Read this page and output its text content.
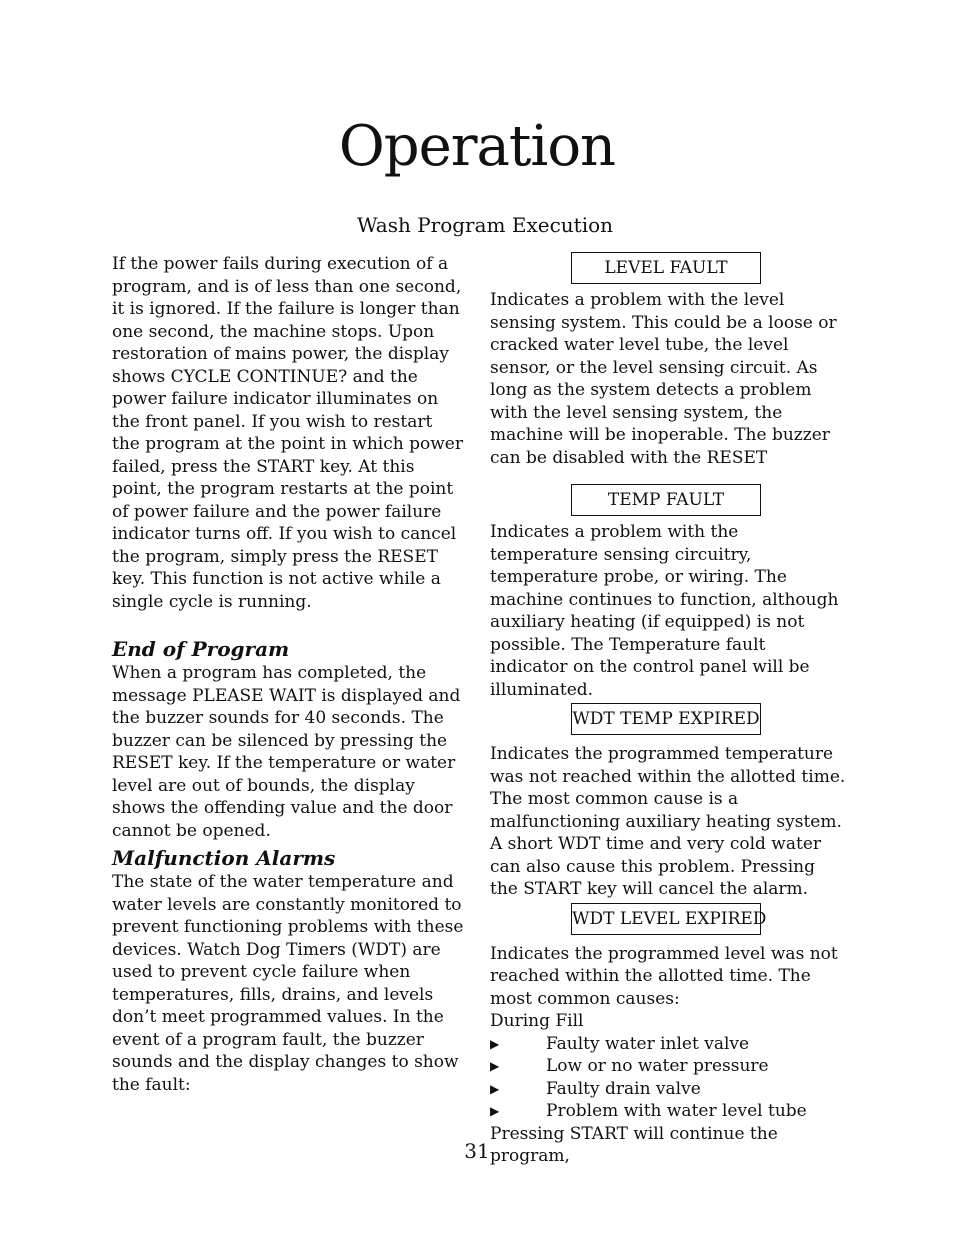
Operation
Wash Program Execution

If the power fails during execution of a program, and is of less than one second, it is ignored. If the failure is longer than one second, the machine stops. Upon restoration of mains power, the display shows CYCLE CONTINUE? and the power failure indicator illuminates on the front panel. If you wish to restart the program at the point in which power failed, press the START key. At this point, the program restarts at the point of power failure and the power failure indicator turns off. If you wish to cancel the program, simply press the RESET key. This function is not active while a single cycle is running.

End of Program

When a program has completed, the message PLEASE WAIT is displayed and the buzzer sounds for 40 seconds. The buzzer can be silenced by pressing the RESET key. If the temperature or water level are out of bounds, the display shows the offending value and the door cannot be opened.

Malfunction Alarms

The state of the water temperature and water levels are constantly monitored to prevent functioning problems with these devices. Watch Dog Timers (WDT) are used to prevent cycle failure when temperatures, fills, drains, and levels don’t meet programmed values. In the event of a program fault, the buzzer sounds and the display changes to show the fault:

LEVEL FAULT

Indicates a problem with the level sensing system. This could be a loose or cracked water level tube, the level sensor, or the level sensing circuit. As long as the system detects a problem with the level sensing system, the machine will be inoperable. The buzzer can be disabled with the RESET

TEMP FAULT

Indicates a problem with the temperature sensing circuitry, temperature probe, or wiring. The machine continues to function, although auxiliary heating (if equipped) is not possible. The Temperature fault indicator on the control panel will be illuminated.

WDT TEMP EXPIRED

Indicates the programmed temperature was not reached within the allotted time. The most common cause is a malfunctioning auxiliary heating system. A short WDT time and very cold water can also cause this problem. Pressing the START key will cancel the alarm.

WDT LEVEL EXPIRED

Indicates the programmed level was not reached within the allotted time. The most common causes:

During Fill

▶	Faulty water inlet valve
▶	Low or no water pressure
▶	Faulty drain valve
▶	Problem with water level tube

Pressing START will continue the program,

31
